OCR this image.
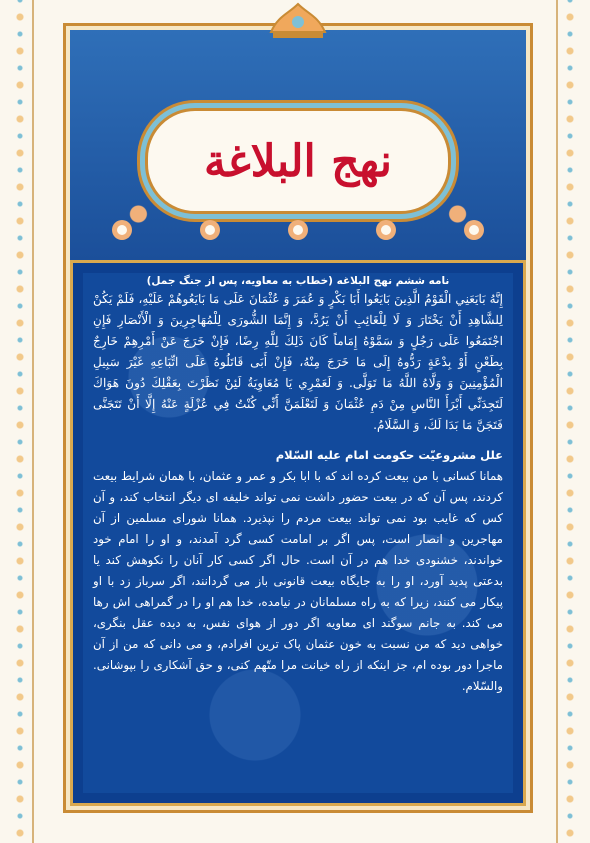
نهج البلاغة

نامه ششم نهج البلاغه (خطاب به معاویه، پس از جنگ جمل)

إِنَّهُ بَايَعَنِي الْقَوْمُ الَّذِينَ بَايَعُوا أَبَا بَكْرٍ وَ عُمَرَ وَ عُثْمَانَ عَلَى مَا بَايَعُوهُمْ عَلَيْهِ، فَلَمْ يَكُنْ لِلشَّاهِدِ أَنْ يَخْتَارَ وَ لَا لِلْغَائِبِ أَنْ يَرُدَّ، وَ إِنَّمَا الشُّورَى لِلْمُهَاجِرِينَ وَ الْأَنْصَارِ فَإِنِ اجْتَمَعُوا عَلَى رَجُلٍ وَ سَمَّوْهُ إِمَاماً كَانَ ذَلِكَ لِلَّهِ رِضًا، فَإِنْ خَرَجَ عَنْ أَمْرِهِمْ خَارِجٌ بِطَعْنٍ أَوْ بِدْعَةٍ رَدُّوهُ إِلَى مَا خَرَجَ مِنْهُ، فَإِنْ أَبَى قَاتَلُوهُ عَلَى اتِّبَاعِهِ غَيْرَ سَبِيلِ الْمُؤْمِنِينَ وَ وَلَّاهُ اللَّهُ مَا تَوَلَّى. وَ لَعَمْرِي يَا مُعَاوِيَةُ لَئِنْ نَظَرْتَ بِعَقْلِكَ دُونَ هَوَاكَ لَتَجِدَنِّي أَبْرَأَ النَّاسِ مِنْ دَمِ عُثْمَانَ وَ لَتَعْلَمَنَّ أَنِّي كُنْتُ فِي عُزْلَةٍ عَنْهُ إِلَّا أَنْ تَتَجَنَّى فَتَجَنَّ مَا بَدَا لَكَ، وَ السَّلَامُ.

علل مشروعیّت حکومت امام علیه السّلام

همانا کسانی با من بیعت کرده اند که با ابا بکر و عمر و عثمان، با همان شرایط بیعت کردند، پس آن که در بیعت حضور داشت نمی تواند خلیفه ای دیگر انتخاب کند، و آن کس که غایب بود نمی تواند بیعت مردم را نپذیرد. همانا شورای مسلمین از آن مهاجرین و انصار است، پس اگر بر امامت کسی گرد آمدند، و او را امام خود خواندند، خشنودی خدا هم در آن است. حال اگر کسی کار آنان را نکوهش کند یا بدعتی پدید آورد، او را به جایگاه بیعت قانونی باز می گردانند، اگر سرباز زد با او پیکار می کنند، زیرا که به راه مسلمانان در نیامده، خدا هم او را در گمراهی اش رها می کند. به جانم سوگند ای معاویه اگر دور از هوای نفس، به دیده عقل بنگری، خواهی دید که من نسبت به خون عثمان پاک ترین افرادم، و می دانی که من از آن ماجرا دور بوده ام، جز اینکه از راه خیانت مرا متّهم کنی، و حق آشکاری را بپوشانی. والسّلام.
